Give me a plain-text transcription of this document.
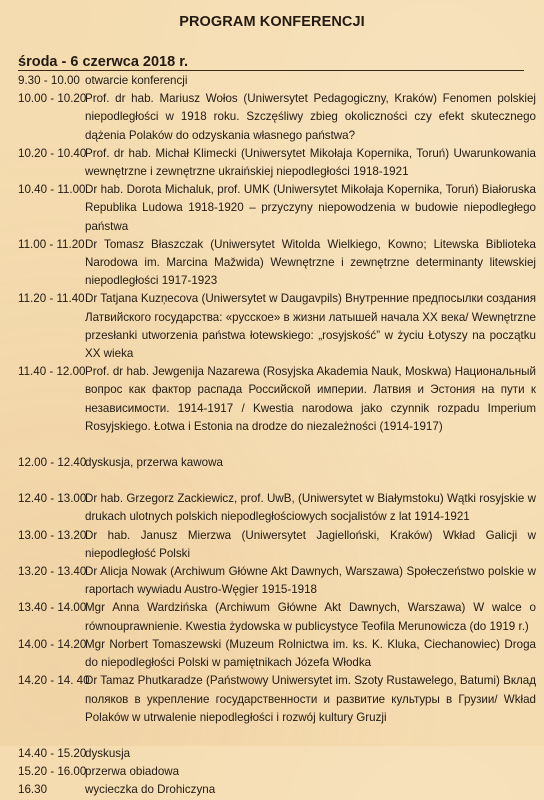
PROGRAM KONFERENCJI
środa - 6 czerwca 2018 r.
9.30 - 10.00 otwarcie konferencji
10.00 - 10.20
Prof. dr hab. Mariusz Wołos (Uniwersytet Pedagogiczny, Kraków) Fenomen polskiej niepodległości w 1918 roku. Szczęśliwy zbieg okoliczności czy efekt skutecznego dążenia Polaków do odzyskania własnego państwa?
10.20 - 10.40
Prof. dr hab. Michał Klimecki (Uniwersytet Mikołaja Kopernika, Toruń) Uwarunkowania wewnętrzne i zewnętrzne ukraińskiej niepodległości 1918-1921
10.40 - 11.00 Dr hab. Dorota Michaluk, prof. UMK (Uniwersytet Mikołaja Kopernika, Toruń) Białoruska Republika Ludowa 1918-1920 – przyczyny niepowodzenia w budowie niepodległego państwa
11.00 - 11.20 Dr Tomasz Błaszczak (Uniwersytet Witolda Wielkiego, Kowno; Litewska Biblioteka Narodowa im. Marcina Mažwida) Wewnętrzne i zewnętrzne determinanty litewskiej niepodległości 1917-1923
11.20 - 11.40 Dr Tatjana Kuzņecova (Uniwersytet w Daugavpils) Внутренние предпосылки создания Латвийского государства: «русское» в жизни латышей начала XX века/ Wewnętrzne przesłanki utworzenia państwa łotewskiego: „rosyjskość” w życiu Łotyszy na początku XX wieka
11.40 - 12.00 Prof. dr hab. Jewgenija Nazarewa (Rosyjska Akademia Nauk, Moskwa) Национальный вопрос как фактор распада Российской империи. Латвия и Эстония на пути к независимости. 1914-1917 / Kwestia narodowa jako czynnik rozpadu Imperium Rosyjskiego. Łotwa i Estonia na drodze do niezależności (1914-1917)
12.00 - 12.40
dyskusja, przerwa kawowa
12.40 - 13.00
Dr hab. Grzegorz Zackiewicz, prof. UwB, (Uniwersytet w Białymstoku) Wątki rosyjskie w drukach ulotnych polskich niepodległościowych socjalistów z lat 1914-1921
13.00 - 13.20
Dr hab. Janusz Mierzwa (Uniwersytet Jagielloński, Kraków) Wkład Galicji w niepodległość Polski
13.20 - 13.40
Dr Alicja Nowak (Archiwum Główne Akt Dawnych, Warszawa) Społeczeństwo polskie w raportach wywiadu Austro-Węgier 1915-1918
13.40 - 14.00
Mgr Anna Wardzińska (Archiwum Główne Akt Dawnych, Warszawa) W walce o równouprawnienie. Kwestia żydowska w publicystyce Teofila Merunowicza (do 1919 r.)
14.00 - 14.20
Mgr Norbert Tomaszewski (Muzeum Rolnictwa im. ks. K. Kluka, Ciechanowiec) Droga do niepodległości Polski w pamiętnikach Józefa Włodka
14.20 - 14. 40
Dr Tamaz Phutkaradze (Państwowy Uniwersytet im. Szoty Rustawelego, Batumi) Вклад поляков в укрепление государственности и развитие культуры в Грузии/ Wkład Polaków w utrwalenie niepodległości i rozwój kultury Gruzji
14.40 - 15.20
dyskusja
15.20 - 16.00
przerwa obiadowa
16.30	wycieczka do Drohiczyna
